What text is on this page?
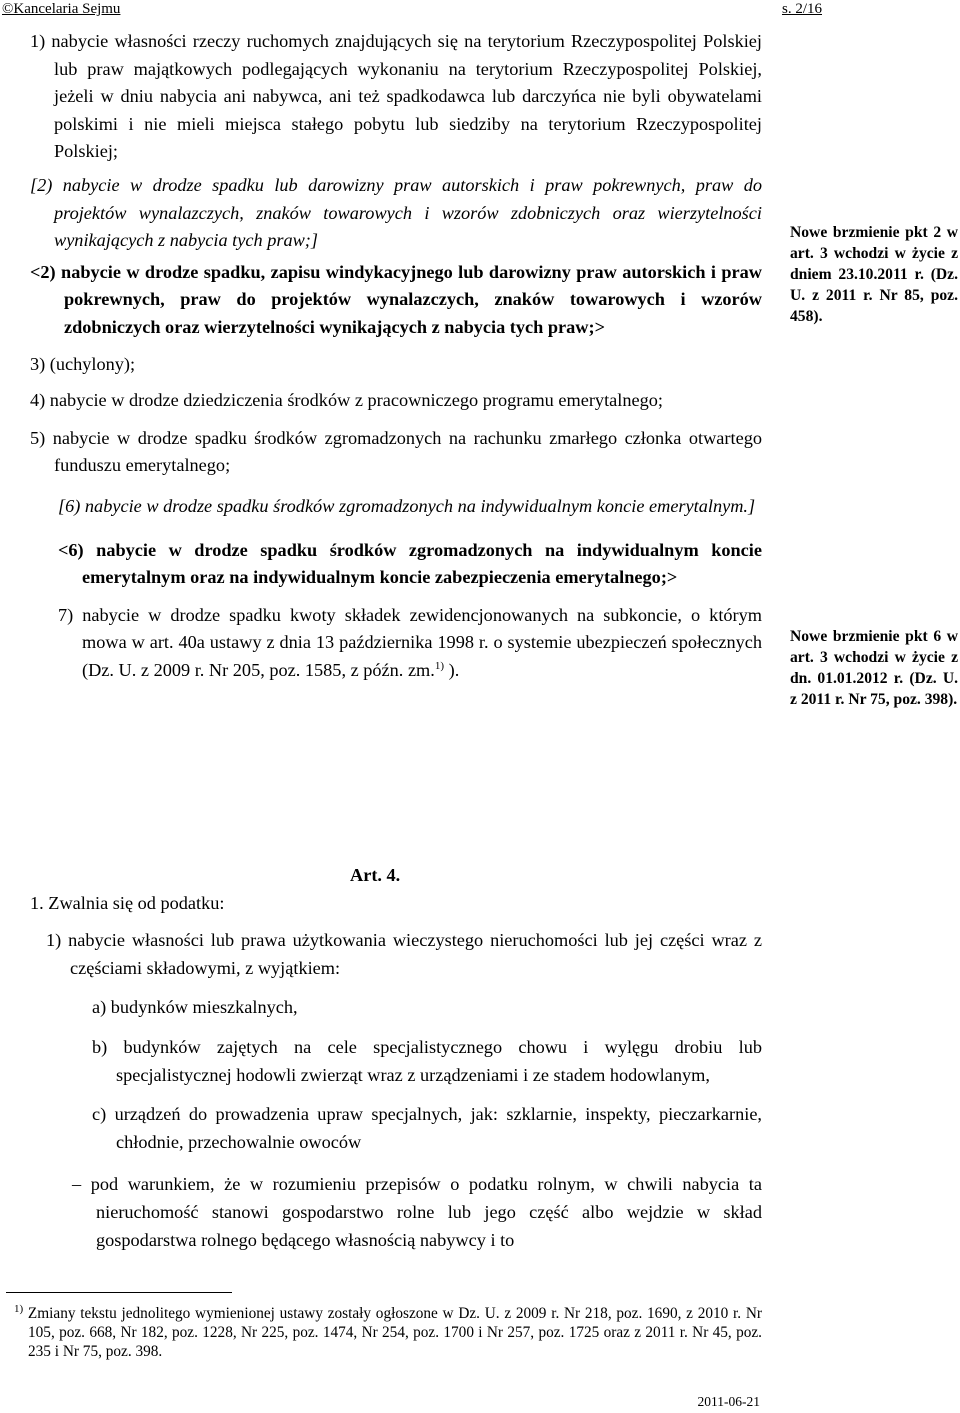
©Kancelaria Sejmu	s. 2/16

1) nabycie własności rzeczy ruchomych znajdujących się na terytorium Rzeczypospolitej Polskiej lub praw majątkowych podlegających wykonaniu na terytorium Rzeczypospolitej Polskiej, jeżeli w dniu nabycia ani nabywca, ani też spadkodawca lub darczyńca nie byli obywatelami polskimi i nie mieli miejsca stałego pobytu lub siedziby na terytorium Rzeczypospolitej Polskiej;

[2) nabycie w drodze spadku lub darowizny praw autorskich i praw pokrewnych, praw do projektów wynalazczych, znaków towarowych i wzorów zdobniczych oraz wierzytelności wynikających z nabycia tych praw;]

<2) nabycie w drodze spadku, zapisu windykacyjnego lub darowizny praw autorskich i praw pokrewnych, praw do projektów wynalazczych, znaków towarowych i wzorów zdobniczych oraz wierzytelności wynikających z nabycia tych praw;>

3) (uchylony);

4) nabycie w drodze dziedziczenia środków z pracowniczego programu emerytalnego;

5) nabycie w drodze spadku środków zgromadzonych na rachunku zmarłego członka otwartego funduszu emerytalnego;

[6) nabycie w drodze spadku środków zgromadzonych na indywidualnym koncie emerytalnym.]

<6) nabycie w drodze spadku środków zgromadzonych na indywidualnym koncie emerytalnym oraz na indywidualnym koncie zabezpieczenia emerytalnego;>

7) nabycie w drodze spadku kwoty składek zewidencjonowanych na subkoncie, o którym mowa w art. 40a ustawy z dnia 13 października 1998 r. o systemie ubezpieczeń społecznych (Dz. U. z 2009 r. Nr 205, poz. 1585, z późn. zm.$^{1)}$ ).

Nowe brzmienie pkt 2 w art. 3 wchodzi w życie z dniem 23.10.2011 r. (Dz. U. z 2011 r. Nr 85, poz. 458).
Nowe brzmienie pkt 6 w art. 3 wchodzi w życie z dn. 01.01.2012 r. (Dz. U. z 2011 r. Nr 75, poz. 398).

Art. 4.

1. Zwalnia się od podatku:

1) nabycie własności lub prawa użytkowania wieczystego nieruchomości lub jej części wraz z częściami składowymi, z wyjątkiem:

a) budynków mieszkalnych,

b) budynków zajętych na cele specjalistycznego chowu i wylęgu drobiu lub specjalistycznej hodowli zwierząt wraz z urządzeniami i ze stadem hodowlanym,

c) urządzeń do prowadzenia upraw specjalnych, jak: szklarnie, inspekty, pieczarkarnie, chłodnie, przechowalnie owoców

– pod warunkiem, że w rozumieniu przepisów o podatku rolnym, w chwili nabycia ta nieruchomość stanowi gospodarstwo rolne lub jego część albo wejdzie w skład gospodarstwa rolnego będącego własnością nabywcy i to

$^{1)}$ Zmiany tekstu jednolitego wymienionej ustawy zostały ogłoszone w Dz. U. z 2009 r. Nr 218, poz. 1690, z 2010 r. Nr 105, poz. 668, Nr 182, poz. 1228, Nr 225, poz. 1474, Nr 254, poz. 1700 i Nr 257, poz. 1725 oraz z 2011 r. Nr 45, poz. 235 i Nr 75, poz. 398.

2011-06-21
